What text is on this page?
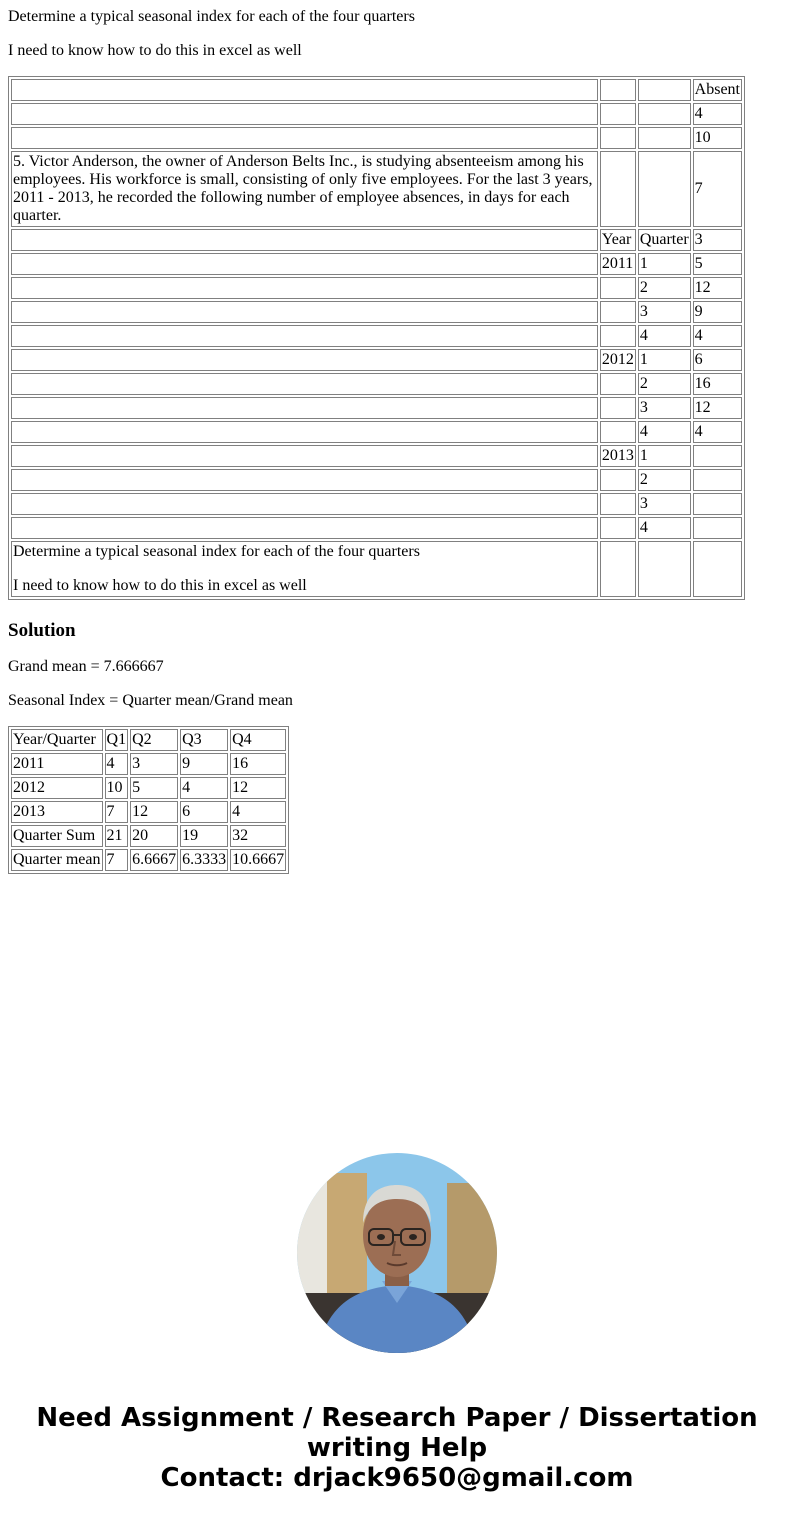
Determine a typical seasonal index for each of the four quarters

I need to know how to do this in excel as well

			Absent
			4
			10
5. Victor Anderson, the owner of Anderson Belts Inc., is studying absenteeism among his employees. His workforce is small, consisting of only five employees. For the last 3 years, 2011 - 2013, he recorded the following number of employee absences, in days for each quarter.			7
	Year	Quarter	3
	2011	1	5
		2	12
		3	9
		4	4
	2012	1	6
		2	16
		3	12
		4	4
	2013	1	
		2	
		3	
		4	
Determine a typical seasonal index for each of the four quarters
I need to know how to do this in excel as well			
Solution

Grand mean = 7.666667

Seasonal Index = Quarter mean/Grand mean

Year/Quarter	Q1	Q2	Q3	Q4
2011	4	3	9	16
2012	10	5	4	12
2013	7	12	6	4
Quarter Sum	21	20	19	32
Quarter mean	7	6.6667	6.3333	10.6667
Need Assignment / Research Paper / Dissertation
writing Help
Contact: drjack9650@gmail.com
